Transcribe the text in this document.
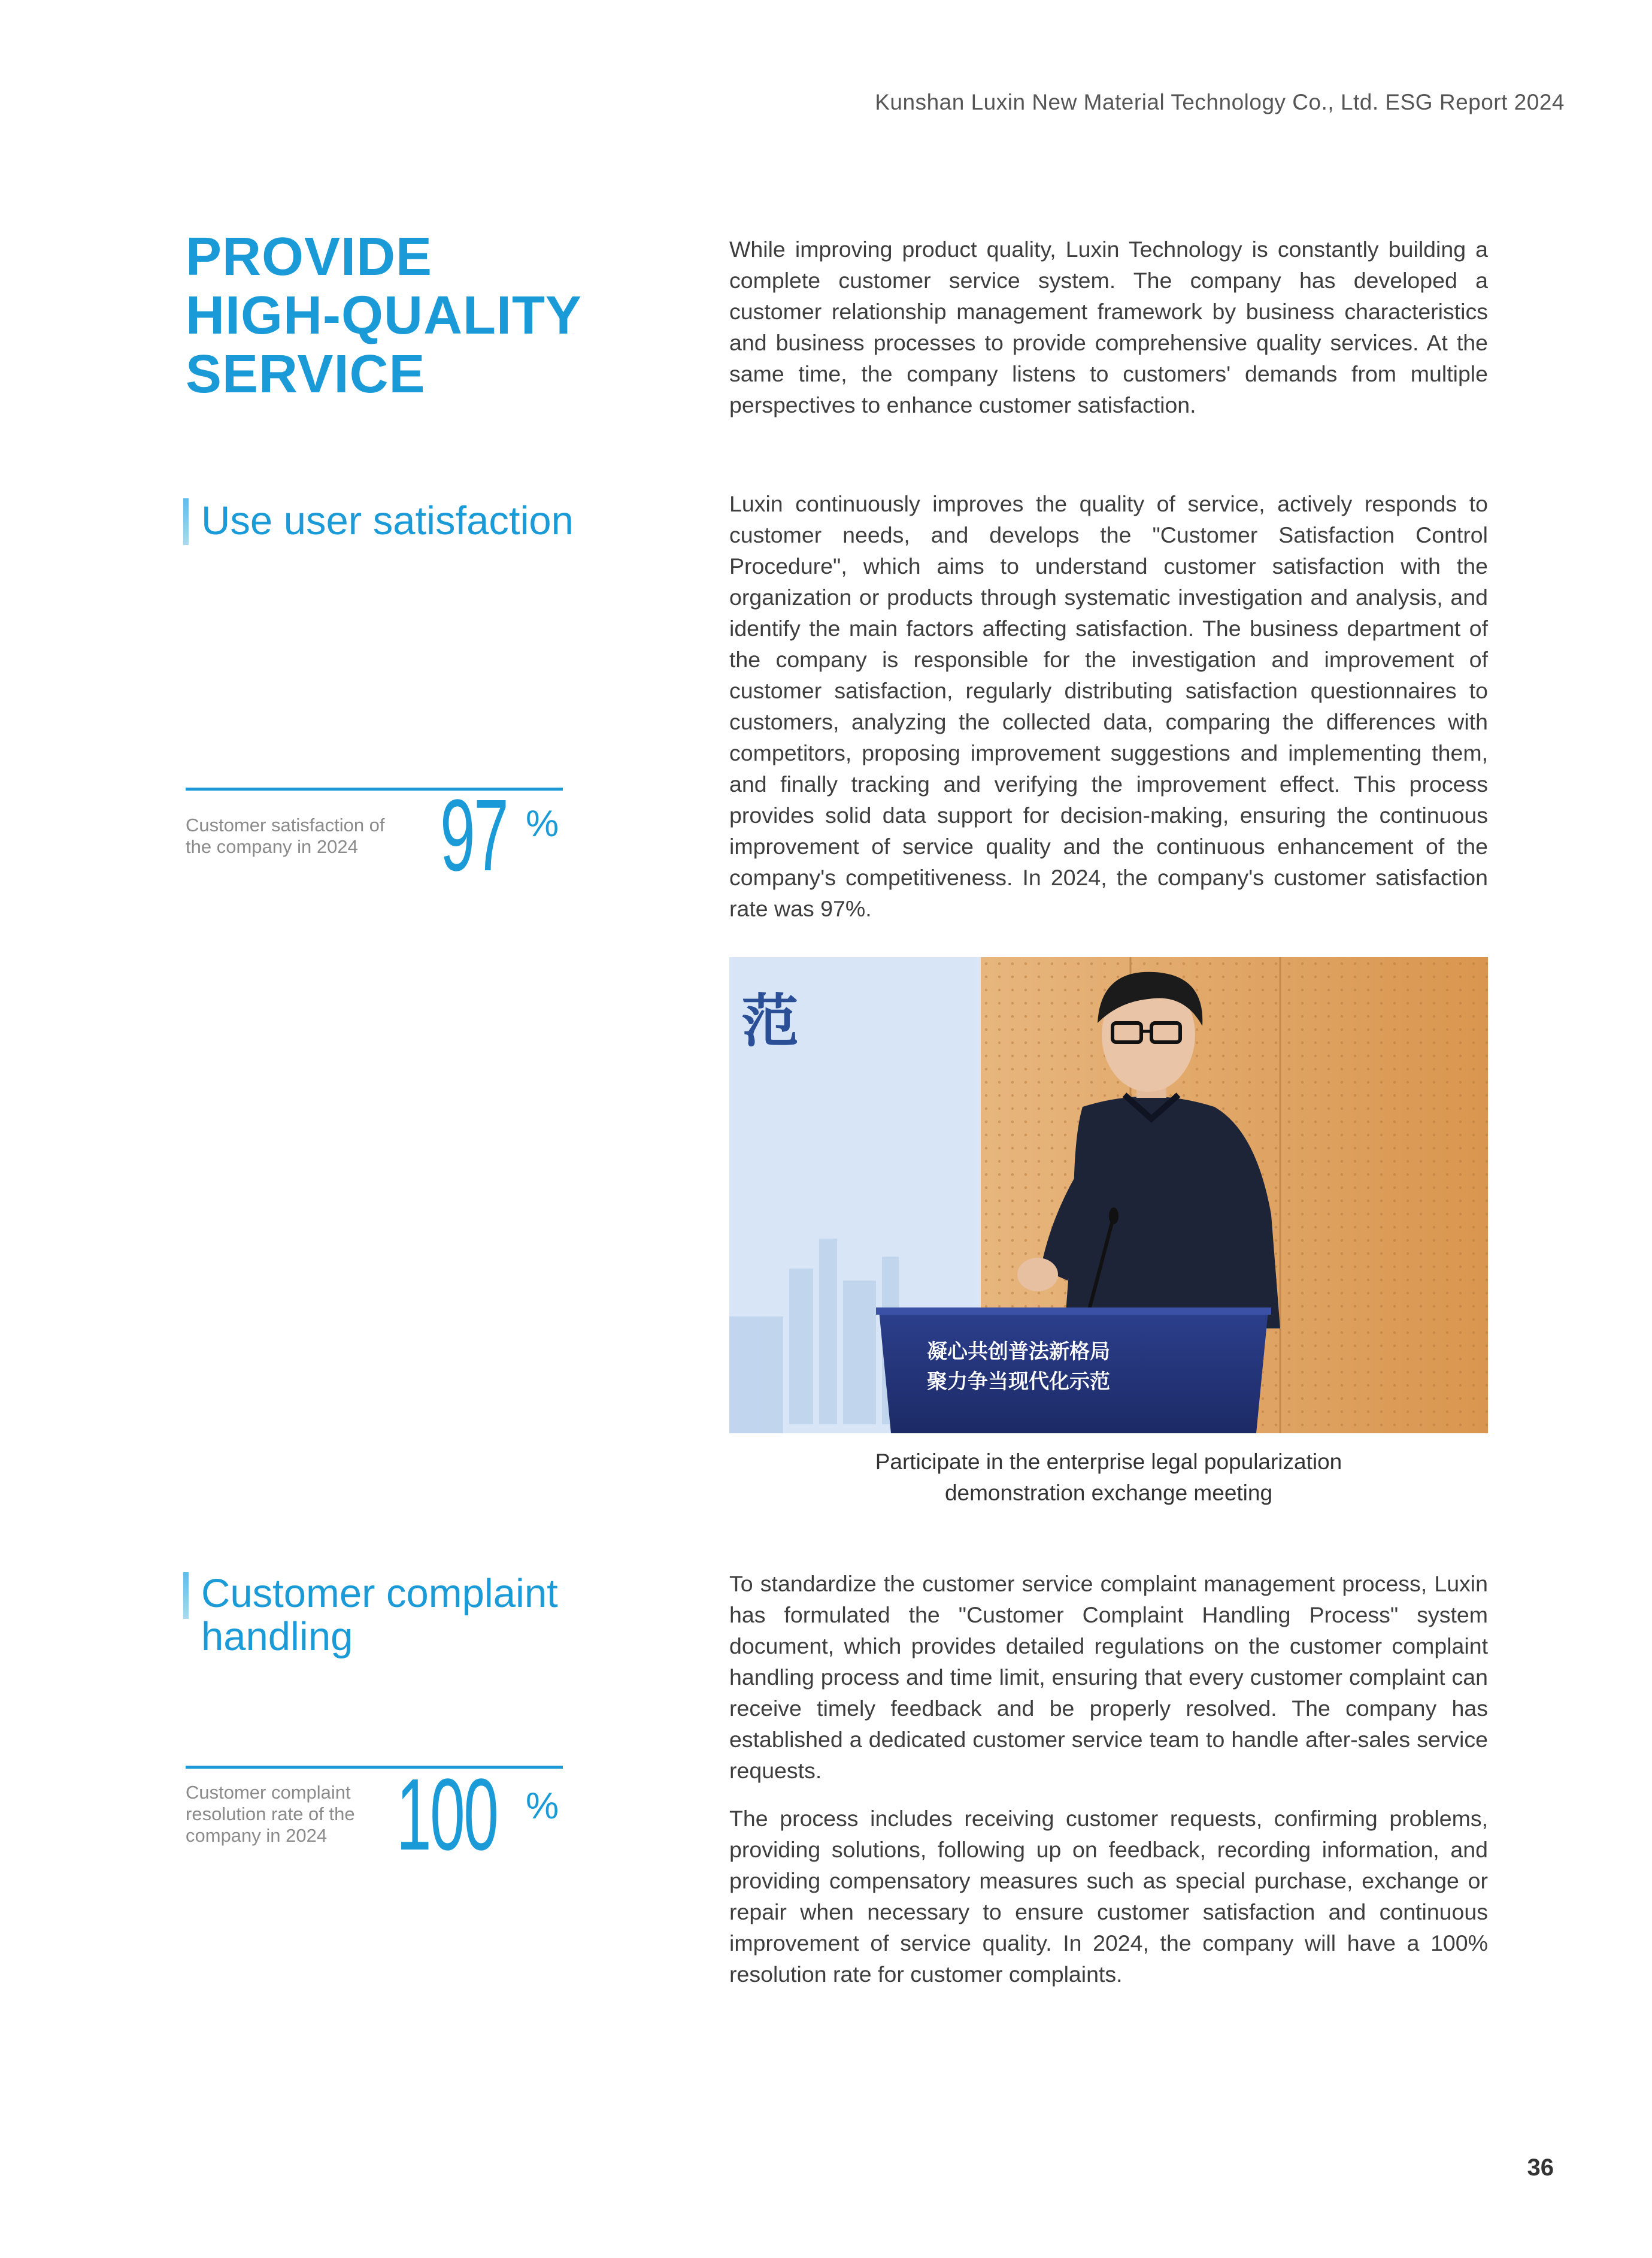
Kunshan Luxin New Material Technology Co., Ltd. ESG Report 2024
PROVIDE
HIGH-QUALITY
SERVICE
While improving product quality, Luxin Technology is constantly building a complete customer service system. The company has developed a customer relationship management framework by business characteristics and business processes to provide comprehensive quality services. At the same time, the company listens to customers' demands from multiple perspectives to enhance customer satisfaction.
Use user satisfaction	Luxin continuously improves the quality of service, actively responds to customer needs, and develops the "Customer Satisfaction Control Procedure", which aims to understand customer satisfaction with the organization or products through systematic investigation and analysis, and identify the main factors affecting satisfaction. The business department of the company is responsible for the investigation and improvement of customer satisfaction, regularly distributing satisfaction questionnaires to customers, analyzing the collected data, comparing the differences with competitors, proposing improvement suggestions and implementing them, and finally tracking and verifying the improvement effect. This process provides solid data support for decision-making, ensuring the continuous improvement of service quality and the continuous enhancement of the company's competitiveness. In 2024, the company's customer satisfaction rate was 97%.
Customer satisfaction of the company in 2024 97 %
范
凝心共创普法新格局
聚力争当现代化示范
Participate in the enterprise legal popularization
demonstration exchange meeting
Customer complaint
handling
To standardize the customer service complaint management process, Luxin has formulated the "Customer Complaint Handling Process" system document, which provides detailed regulations on the customer complaint handling process and time limit, ensuring that every customer complaint can receive timely feedback and be properly resolved. The company has established a dedicated customer service team to handle after-sales service requests.
The process includes receiving customer requests, confirming problems, providing solutions, following up on feedback, recording information, and providing compensatory measures such as special purchase, exchange or repair when necessary to ensure customer satisfaction and continuous improvement of service quality. In 2024, the company will have a 100% resolution rate for customer complaints.
Customer complaint
resolution rate of the
company in 2024 100 %
36
